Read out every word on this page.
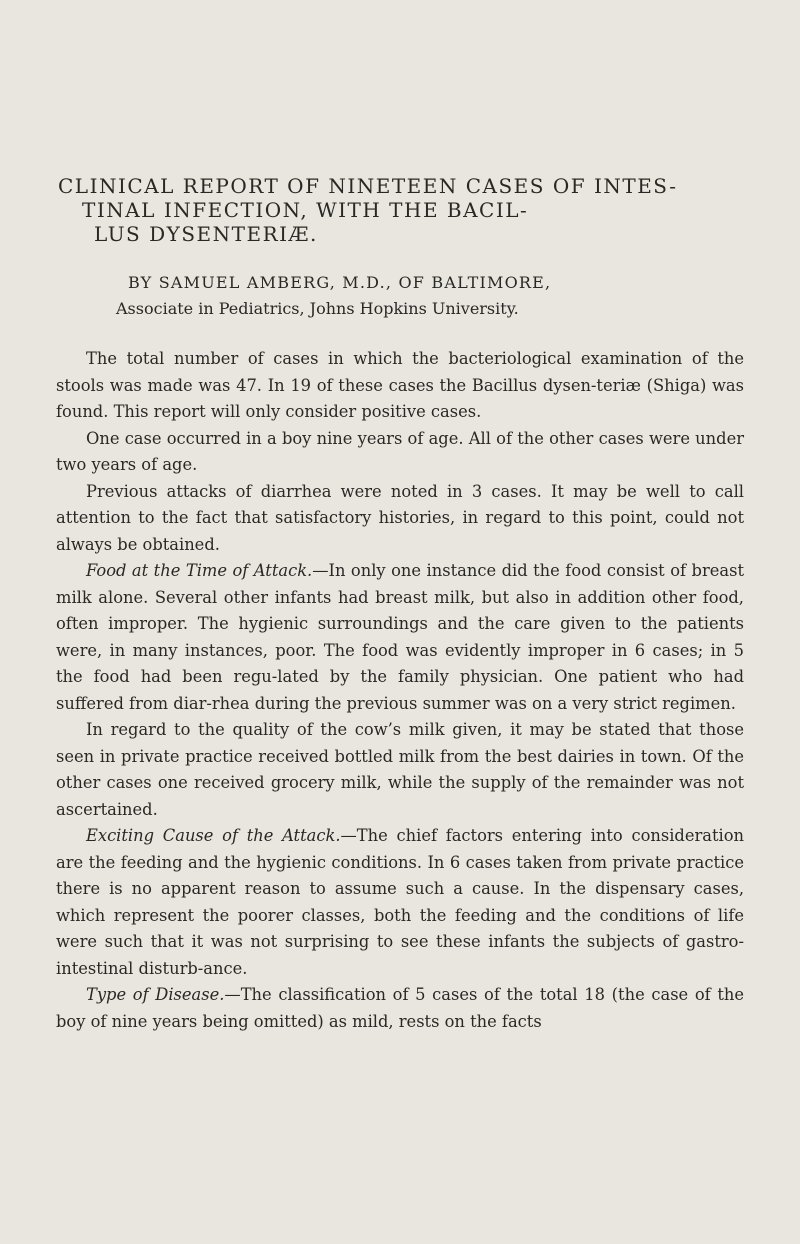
CLINICAL REPORT OF NINETEEN CASES OF INTES-
TINAL INFECTION, WITH THE BACIL-
LUS DYSENTERIÆ.

BY SAMUEL AMBERG, M.D., OF BALTIMORE,

Associate in Pediatrics, Johns Hopkins University.

The total number of cases in which the bacteriological examination of the stools was made was 47. In 19 of these cases the Bacillus dysen-teriæ (Shiga) was found. This report will only consider positive cases.

One case occurred in a boy nine years of age. All of the other cases were under two years of age.

Previous attacks of diarrhea were noted in 3 cases. It may be well to call attention to the fact that satisfactory histories, in regard to this point, could not always be obtained.

Food at the Time of Attack.—In only one instance did the food consist of breast milk alone. Several other infants had breast milk, but also in addition other food, often improper. The hygienic surroundings and the care given to the patients were, in many instances, poor. The food was evidently improper in 6 cases; in 5 the food had been regu-lated by the family physician. One patient who had suffered from diar-rhea during the previous summer was on a very strict regimen.

In regard to the quality of the cow’s milk given, it may be stated that those seen in private practice received bottled milk from the best dairies in town. Of the other cases one received grocery milk, while the supply of the remainder was not ascertained.

Exciting Cause of the Attack.—The chief factors entering into consideration are the feeding and the hygienic conditions. In 6 cases taken from private practice there is no apparent reason to assume such a cause. In the dispensary cases, which represent the poorer classes, both the feeding and the conditions of life were such that it was not surprising to see these infants the subjects of gastro-intestinal disturb-ance.

Type of Disease.—The classification of 5 cases of the total 18 (the case of the boy of nine years being omitted) as mild, rests on the facts
